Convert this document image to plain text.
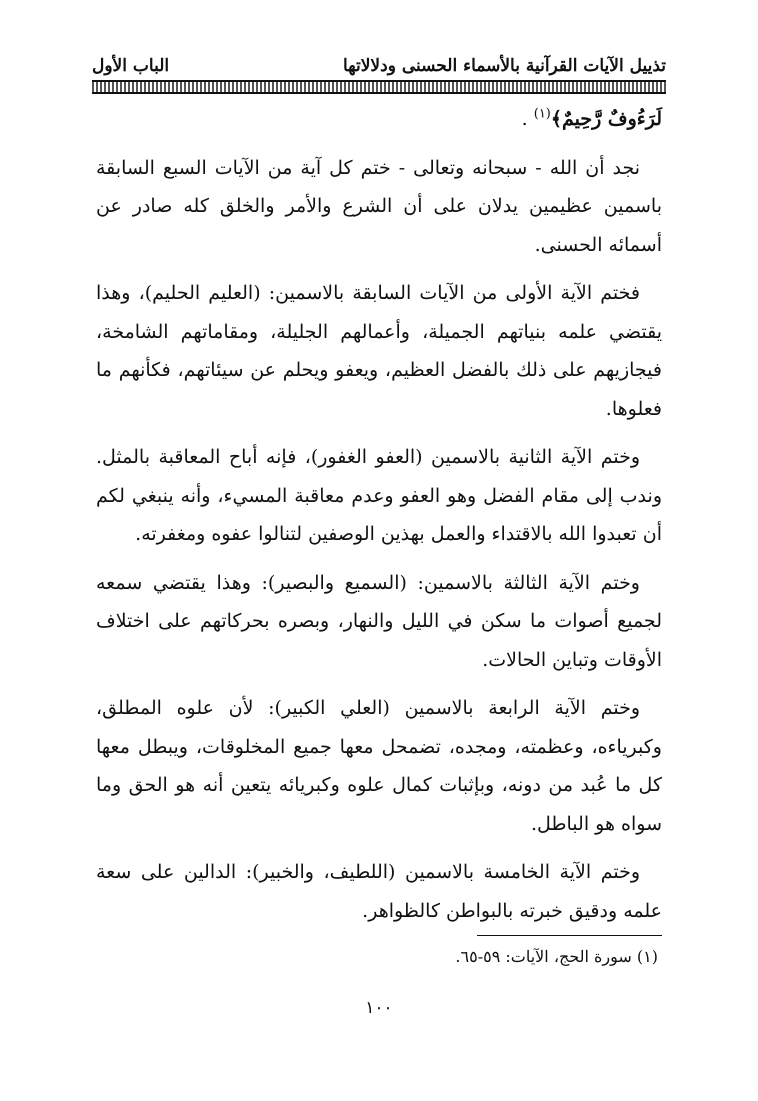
تذييل الآيات القرآنية بالأسماء الحسنى ودلالاتها
الباب الأول

لَرَءُوفٌ رَّحِيمٌ﴾$^{(١)}$ .

نجد أن الله - سبحانه وتعالى - ختم كل آية من الآيات السبع السابقة باسمين عظيمين يدلان على أن الشرع والأمر والخلق كله صادر عن أسمائه الحسنى.

فختم الآية الأولى من الآيات السابقة بالاسمين: (العليم الحليم)، وهذا يقتضي علمه بنياتهم الجميلة، وأعمالهم الجليلة، ومقاماتهم الشامخة، فيجازيهم على ذلك بالفضل العظيم، ويعفو ويحلم عن سيئاتهم، فكأنهم ما فعلوها.

وختم الآية الثانية بالاسمين (العفو الغفور)، فإنه أباح المعاقبة بالمثل. وندب إلى مقام الفضل وهو العفو وعدم معاقبة المسيء، وأنه ينبغي لكم أن تعبدوا الله بالاقتداء والعمل بهذين الوصفين لتنالوا عفوه ومغفرته.

وختم الآية الثالثة بالاسمين: (السميع والبصير): وهذا يقتضي سمعه لجميع أصوات ما سكن في الليل والنهار، وبصره بحركاتهم على اختلاف الأوقات وتباين الحالات.

وختم الآية الرابعة بالاسمين (العلي الكبير): لأن علوه المطلق، وكبرياءه، وعظمته، ومجده، تضمحل معها جميع المخلوقات، ويبطل معها كل ما عُبد من دونه، وبإثبات كمال علوه وكبريائه يتعين أنه هو الحق وما سواه هو الباطل.

وختم الآية الخامسة بالاسمين (اللطيف، والخبير): الدالين على سعة علمه ودقيق خبرته بالبواطن كالظواهر.

(١) سورة الحج، الآيات: ٥٩-٦٥.
١٠٠
